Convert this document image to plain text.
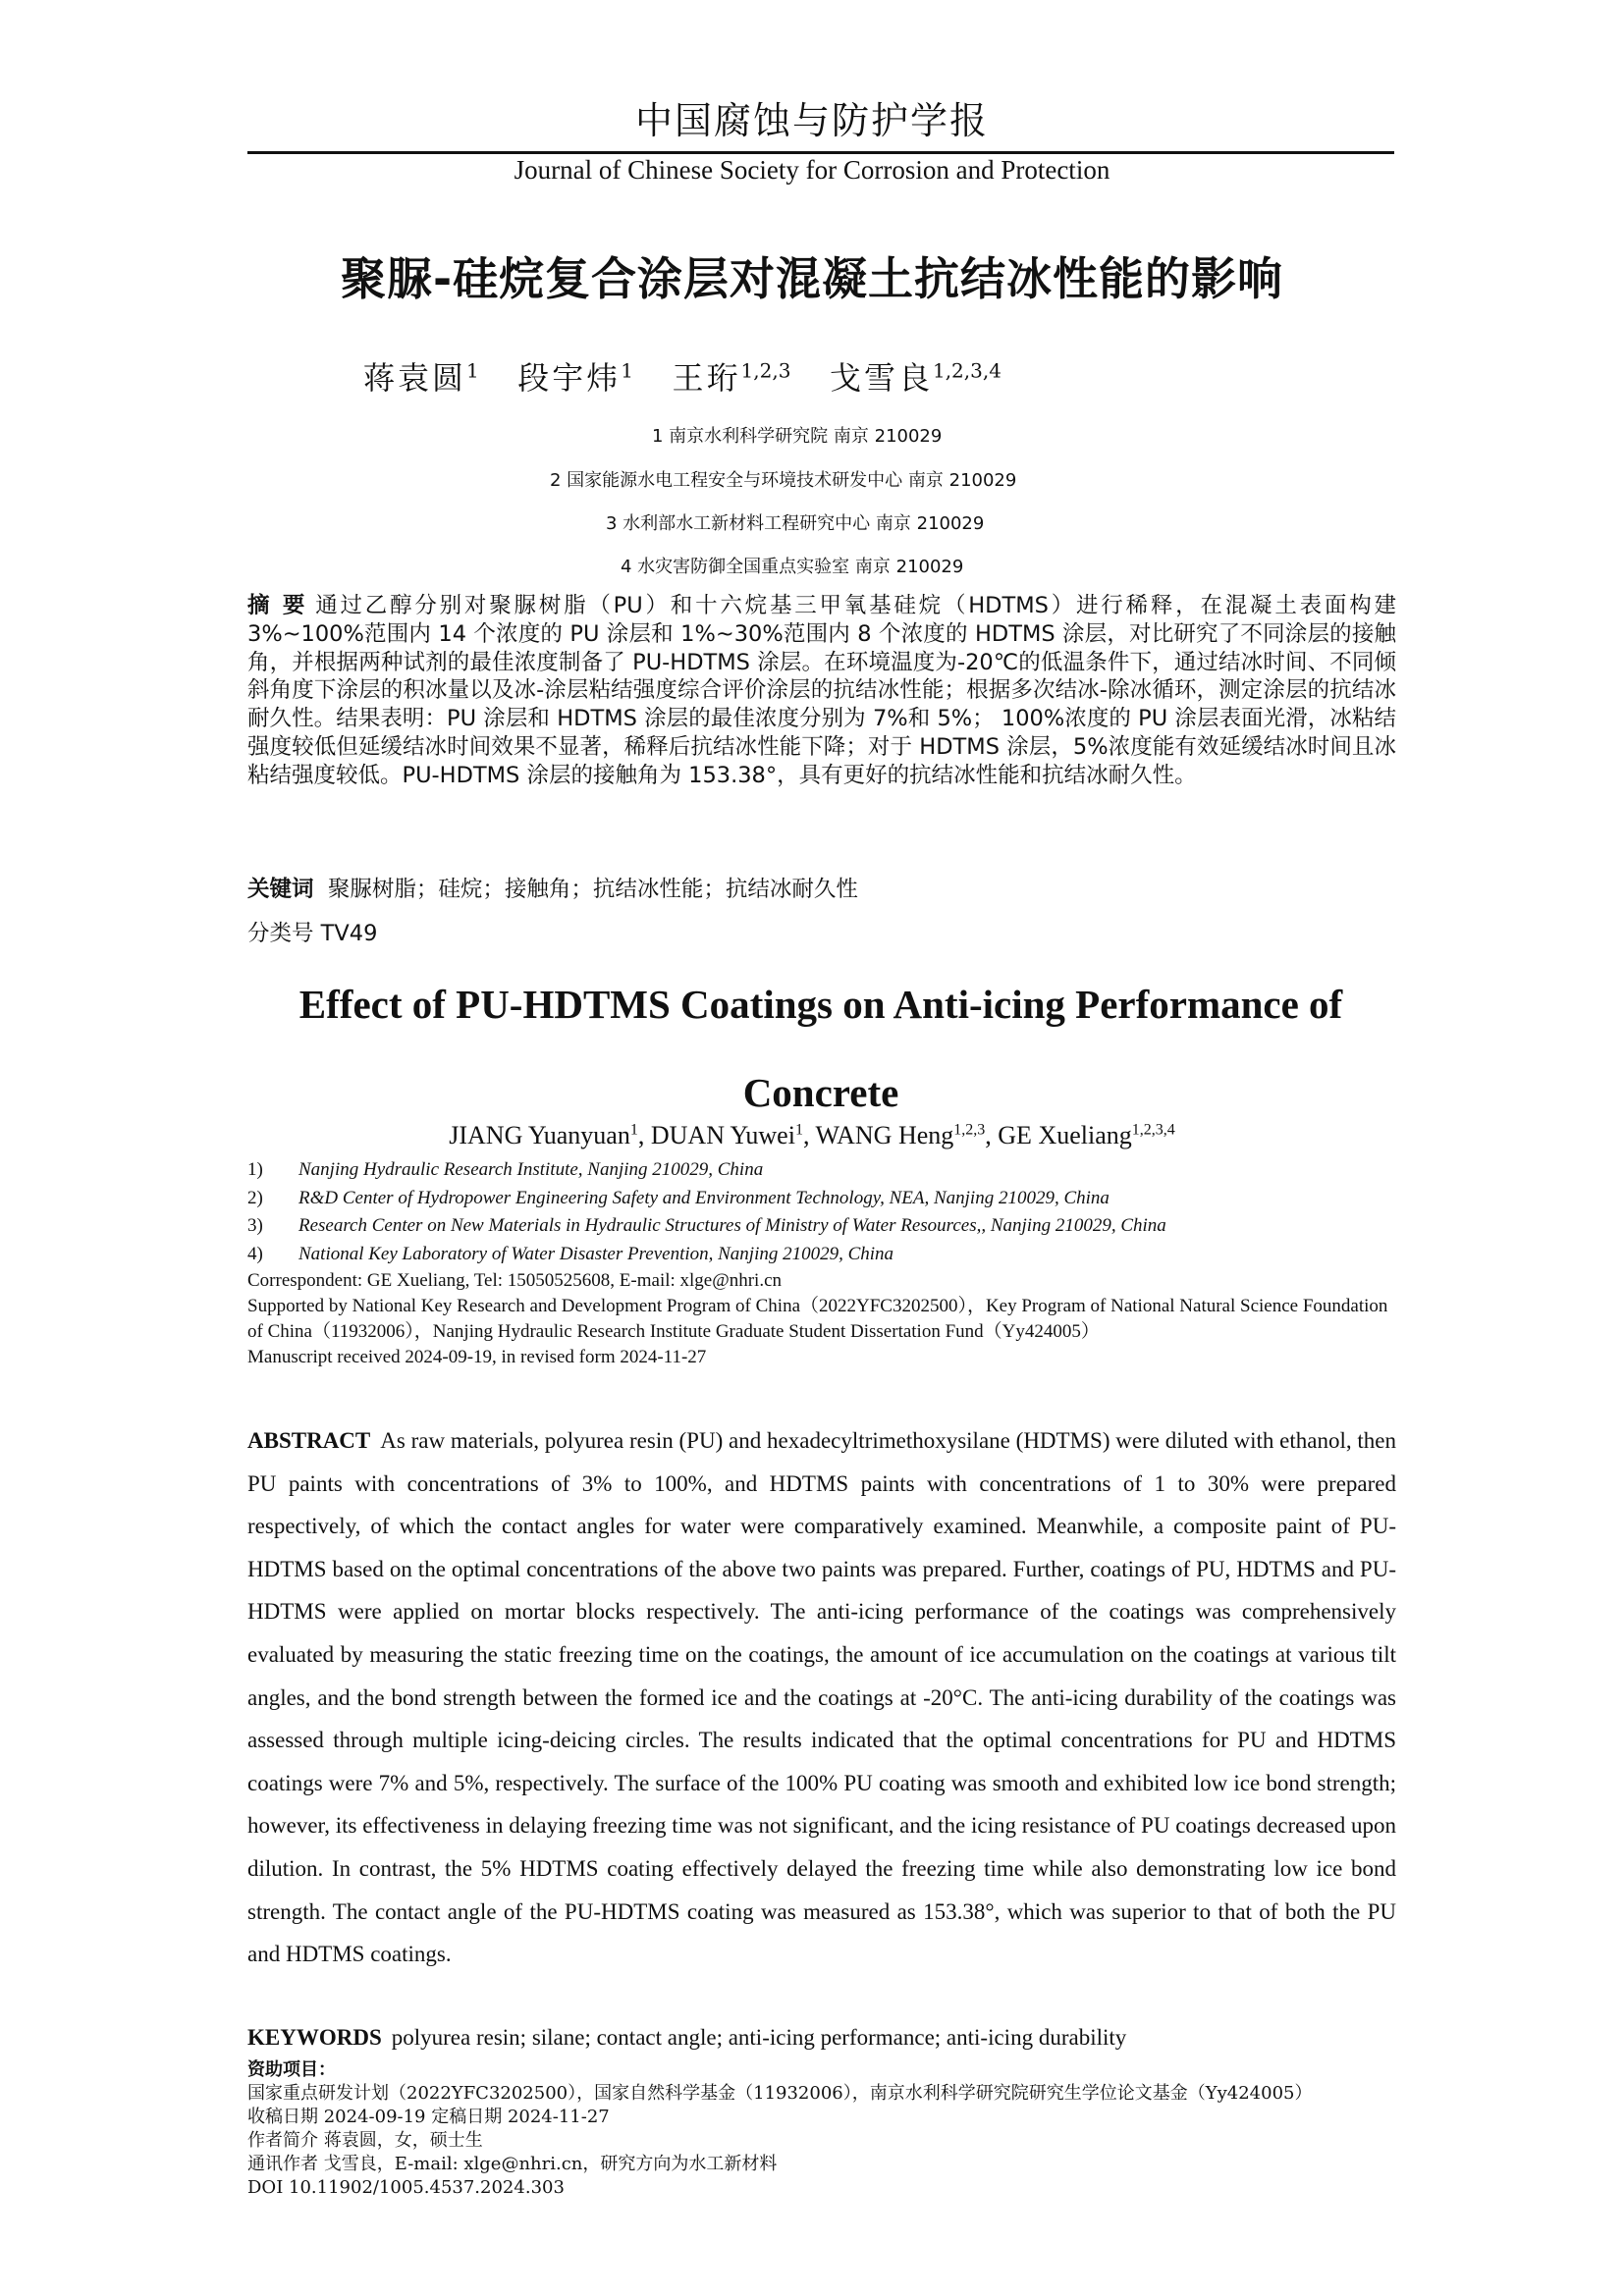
中国腐蚀与防护学报
Journal of Chinese Society for Corrosion and Protection
聚脲-硅烷复合涂层对混凝土抗结冰性能的影响
蒋袁圆$^1$ 段宇炜$^1$ 王珩$^{1,2,3}$ 戈雪良$^{1,2,3,4}$
1 南京水利科学研究院 南京 210029
2 国家能源水电工程安全与环境技术研发中心 南京 210029
3 水利部水工新材料工程研究中心 南京 210029
4 水灾害防御全国重点实验室 南京 210029
摘 要 通过乙醇分别对聚脲树脂（PU）和十六烷基三甲氧基硅烷（HDTMS）进行稀释，在混凝土表面构建 3%~100%范围内 14 个浓度的 PU 涂层和 1%~30%范围内 8 个浓度的 HDTMS 涂层，对比研究了不同涂层的接触角，并根据两种试剂的最佳浓度制备了 PU-HDTMS 涂层。在环境温度为-20℃的低温条件下，通过结冰时间、不同倾斜角度下涂层的积冰量以及冰-涂层粘结强度综合评价涂层的抗结冰性能；根据多次结冰-除冰循环，测定涂层的抗结冰耐久性。结果表明：PU 涂层和 HDTMS 涂层的最佳浓度分别为 7%和 5%； 100%浓度的 PU 涂层表面光滑，冰粘结强度较低但延缓结冰时间效果不显著，稀释后抗结冰性能下降；对于 HDTMS 涂层，5%浓度能有效延缓结冰时间且冰粘结强度较低。PU-HDTMS 涂层的接触角为 153.38°，具有更好的抗结冰性能和抗结冰耐久性。
关键词 聚脲树脂；硅烷；接触角；抗结冰性能；抗结冰耐久性
分类号 TV49
Effect of PU-HDTMS Coatings on Anti-icing Performance of
Concrete
JIANG Yuanyuan$^1$, DUAN Yuwei$^1$, WANG Heng$^{1,2,3}$, GE Xueliang$^{1,2,3,4}$
1) Nanjing Hydraulic Research Institute, Nanjing 210029, China
2) R&D Center of Hydropower Engineering Safety and Environment Technology, NEA, Nanjing 210029, China
3) Research Center on New Materials in Hydraulic Structures of Ministry of Water Resources,, Nanjing 210029, China
4) National Key Laboratory of Water Disaster Prevention, Nanjing 210029, China
Correspondent: GE Xueliang, Tel: 15050525608, E-mail: xlge@nhri.cn
Supported by National Key Research and Development Program of China（2022YFC3202500），Key Program of National Natural Science Foundation of China（11932006），Nanjing Hydraulic Research Institute Graduate Student Dissertation Fund（Yy424005）
Manuscript received 2024-09-19, in revised form 2024-11-27
ABSTRACT As raw materials, polyurea resin (PU) and hexadecyltrimethoxysilane (HDTMS) were diluted with ethanol, then PU paints with concentrations of 3% to 100%, and HDTMS paints with concentrations of 1 to 30% were prepared respectively, of which the contact angles for water were comparatively examined. Meanwhile, a composite paint of PU-HDTMS based on the optimal concentrations of the above two paints was prepared. Further, coatings of PU, HDTMS and PU-HDTMS were applied on mortar blocks respectively. The anti-icing performance of the coatings was comprehensively evaluated by measuring the static freezing time on the coatings, the amount of ice accumulation on the coatings at various tilt angles, and the bond strength between the formed ice and the coatings at -20°C. The anti-icing durability of the coatings was assessed through multiple icing-deicing circles. The results indicated that the optimal concentrations for PU and HDTMS coatings were 7% and 5%, respectively. The surface of the 100% PU coating was smooth and exhibited low ice bond strength; however, its effectiveness in delaying freezing time was not significant, and the icing resistance of PU coatings decreased upon dilution. In contrast, the 5% HDTMS coating effectively delayed the freezing time while also demonstrating low ice bond strength. The contact angle of the PU-HDTMS coating was measured as 153.38°, which was superior to that of both the PU and HDTMS coatings.
KEYWORDS polyurea resin; silane; contact angle; anti-icing performance; anti-icing durability
资助项目：国家重点研发计划（2022YFC3202500），国家自然科学基金（11932006），南京水利科学研究院研究生学位论文基金（Yy424005）
收稿日期 2024-09-19 定稿日期 2024-11-27
作者简介 蒋袁圆，女，硕士生
通讯作者 戈雪良，E-mail: xlge@nhri.cn，研究方向为水工新材料
DOI 10.11902/1005.4537.2024.303
